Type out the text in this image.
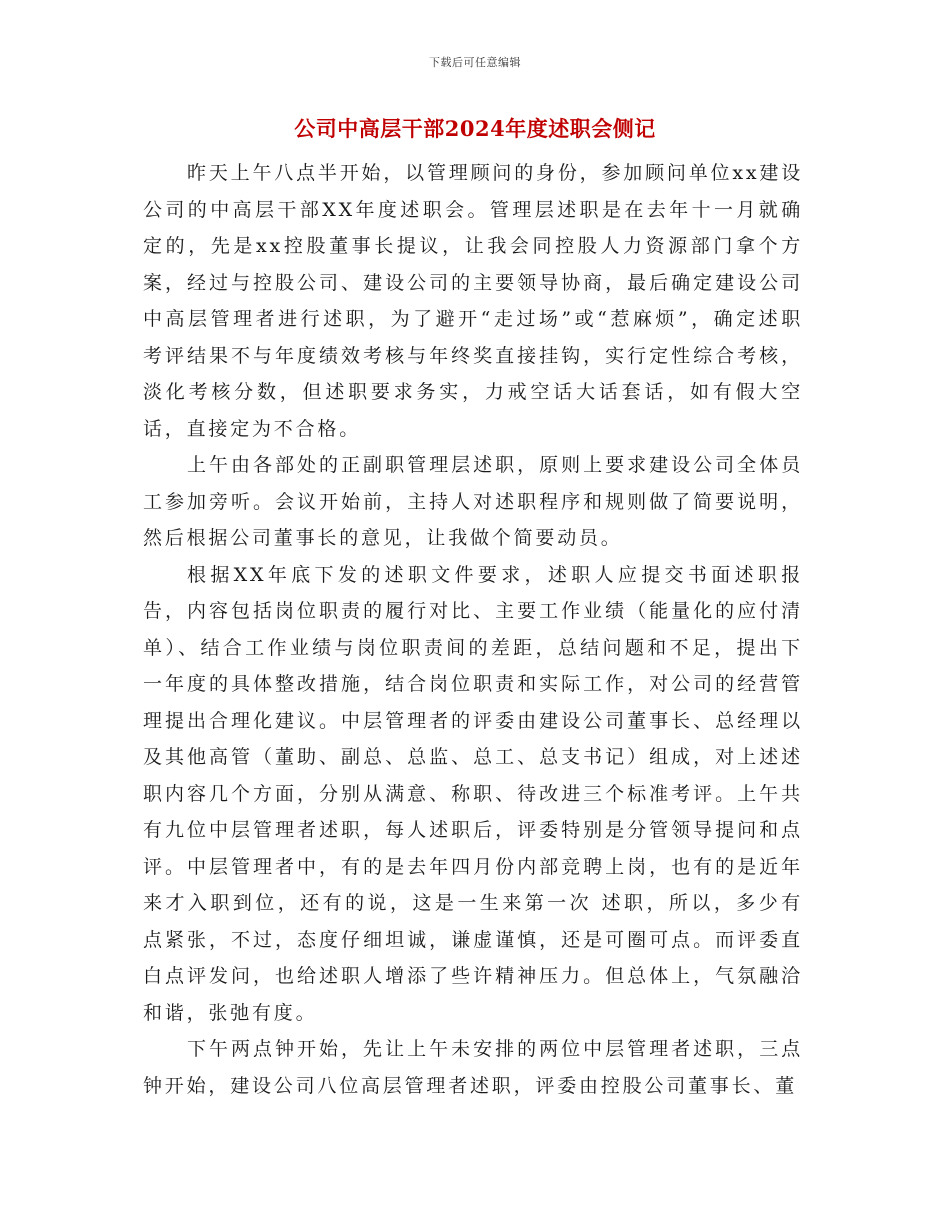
下载后可任意编辑
公司中高层干部2024年度述职会侧记

昨天上午八点半开始，以管理顾问的身份，参加顾问单位xx建设公司的中高层干部XX年度述职会。管理层述职是在去年十一月就确定的，先是xx控股董事长提议，让我会同控股人力资源部门拿个方案，经过与控股公司、建设公司的主要领导协商，最后确定建设公司中高层管理者进行述职，为了避开“走过场”或“惹麻烦”，确定述职考评结果不与年度绩效考核与年终奖直接挂钩，实行定性综合考核，淡化考核分数，但述职要求务实，力戒空话大话套话，如有假大空话，直接定为不合格。

上午由各部处的正副职管理层述职，原则上要求建设公司全体员工参加旁听。会议开始前，主持人对述职程序和规则做了简要说明，然后根据公司董事长的意见，让我做个简要动员。

根据XX年底下发的述职文件要求，述职人应提交书面述职报告，内容包括岗位职责的履行对比、主要工作业绩（能量化的应付清单）、结合工作业绩与岗位职责间的差距，总结问题和不足，提出下一年度的具体整改措施，结合岗位职责和实际工作，对公司的经营管理提出合理化建议。中层管理者的评委由建设公司董事长、总经理以及其他高管（董助、副总、总监、总工、总支书记）组成，对上述述职内容几个方面，分别从满意、称职、待改进三个标准考评。上午共有九位中层管理者述职，每人述职后，评委特别是分管领导提问和点评。中层管理者中，有的是去年四月份内部竞聘上岗，也有的是近年来才入职到位，还有的说，这是一生来第一次 述职，所以，多少有点紧张，不过，态度仔细坦诚，谦虚谨慎，还是可圈可点。而评委直白点评发问，也给述职人增添了些许精神压力。但总体上，气氛融洽和谐，张弛有度。

下午两点钟开始，先让上午未安排的两位中层管理者述职，三点钟开始，建设公司八位高层管理者述职，评委由控股公司董事长、董
